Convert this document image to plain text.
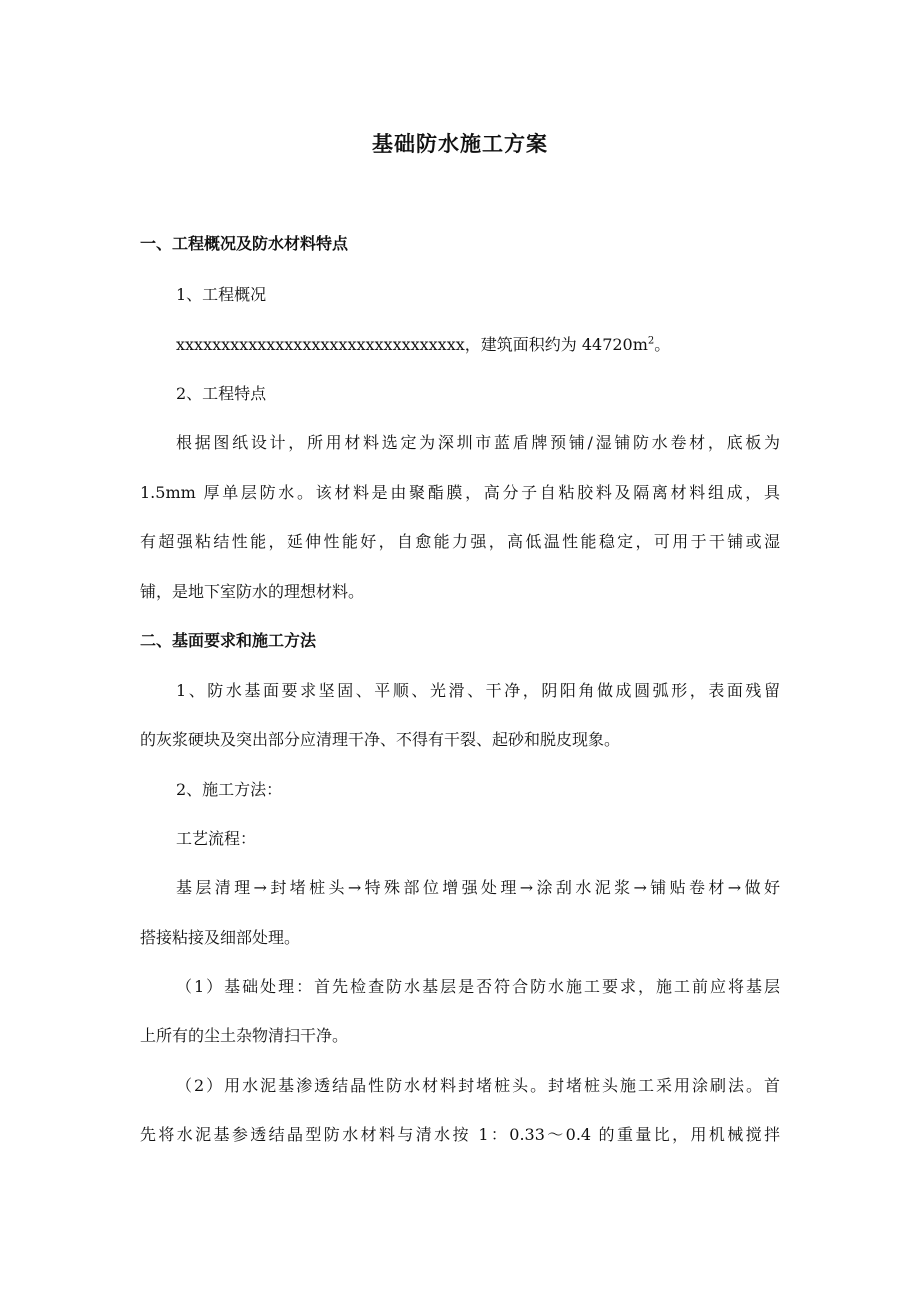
基础防水施工方案
一、工程概况及防水材料特点
1、工程概况
xxxxxxxxxxxxxxxxxxxxxxxxxxxxxxxx，建筑面积约为 $44720m^2$。
2、工程特点
根据图纸设计，所用材料选定为深圳市蓝盾牌预铺/湿铺防水卷材，底板为
1.5mm 厚单层防水。该材料是由聚酯膜，高分子自粘胶料及隔离材料组成，具
有超强粘结性能，延伸性能好，自愈能力强，高低温性能稳定，可用于干铺或湿
铺，是地下室防水的理想材料。
二、基面要求和施工方法
1、防水基面要求坚固、平顺、光滑、干净，阴阳角做成圆弧形，表面残留
的灰浆硬块及突出部分应清理干净、不得有干裂、起砂和脱皮现象。
2、施工方法：
工艺流程：
基层清理→封堵桩头→特殊部位增强处理→涂刮水泥浆→铺贴卷材→做好
搭接粘接及细部处理。
（1）基础处理：首先检查防水基层是否符合防水施工要求，施工前应将基层
上所有的尘土杂物清扫干净。
（2）用水泥基渗透结晶性防水材料封堵桩头。封堵桩头施工采用涂刷法。首
先将水泥基参透结晶型防水材料与清水按 1：0.33～0.4 的重量比，用机械搅拌
